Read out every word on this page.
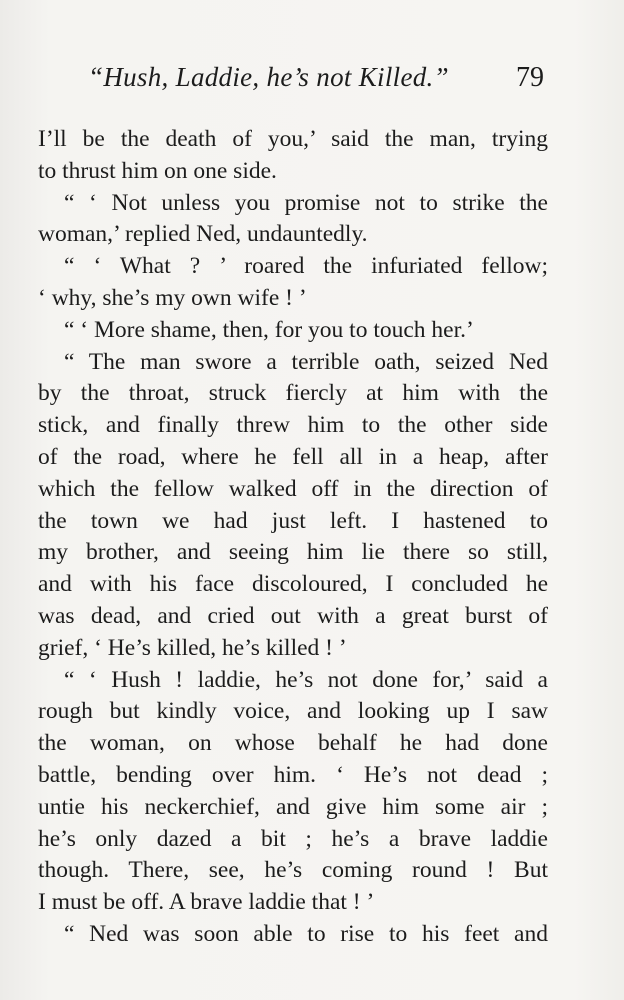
“Hush, Laddie, he’s not Killed.” 79
I’ll be the death of you,’ said the man, trying
to thrust him on one side.
“ ‘ Not unless you promise not to strike the
woman,’ replied Ned, undauntedly.
“ ‘ What ? ’ roared the infuriated fellow;
‘ why, she’s my own wife ! ’
“ ‘ More shame, then, for you to touch her.’
“ The man swore a terrible oath, seized Ned
by the throat, struck fiercly at him with the
stick, and finally threw him to the other side
of the road, where he fell all in a heap, after
which the fellow walked off in the direction of
the town we had just left. I hastened to
my brother, and seeing him lie there so still,
and with his face discoloured, I concluded he
was dead, and cried out with a great burst of
grief, ‘ He’s killed, he’s killed ! ’
“ ‘ Hush ! laddie, he’s not done for,’ said a
rough but kindly voice, and looking up I saw
the woman, on whose behalf he had done
battle, bending over him. ‘ He’s not dead ;
untie his neckerchief, and give him some air ;
he’s only dazed a bit ; he’s a brave laddie
though. There, see, he’s coming round ! But
I must be off. A brave laddie that ! ’
“ Ned was soon able to rise to his feet and
